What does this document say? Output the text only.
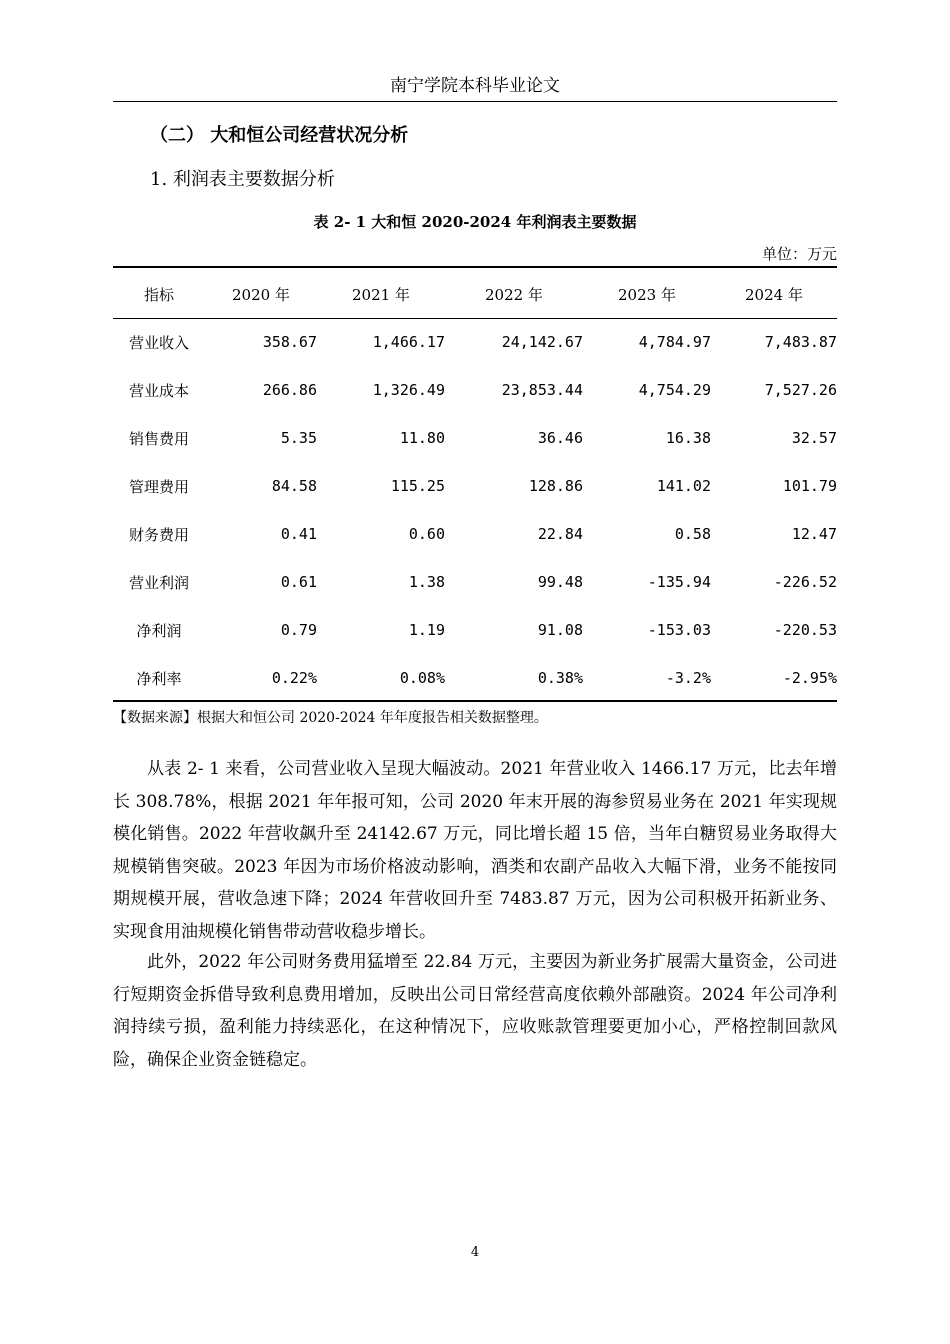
南宁学院本科毕业论文
（二） 大和恒公司经营状况分析
1. 利润表主要数据分析
表 2- 1 大和恒 2020-2024 年利润表主要数据
单位：万元
指标	2020 年	2021 年	2022 年	2023 年	2024 年
营业收入	358.67	1,466.17	24,142.67	4,784.97	7,483.87
营业成本	266.86	1,326.49	23,853.44	4,754.29	7,527.26
销售费用	5.35	11.80	36.46	16.38	32.57
管理费用	84.58	115.25	128.86	141.02	101.79
财务费用	0.41	0.60	22.84	0.58	12.47
营业利润	0.61	1.38	99.48	-135.94	-226.52
净利润	0.79	1.19	91.08	-153.03	-220.53
净利率	0.22%	0.08%	0.38%	-3.2%	-2.95%
【数据来源】根据大和恒公司 2020-2024 年年度报告相关数据整理。

从表 2- 1 来看，公司营业收入呈现大幅波动。2021 年营业收入 1466.17 万元，比去年增长 308.78%，根据 2021 年年报可知，公司 2020 年末开展的海参贸易业务在 2021 年实现规模化销售。2022 年营收飙升至 24142.67 万元，同比增长超 15 倍，当年白糖贸易业务取得大规模销售突破。2023 年因为市场价格波动影响，酒类和农副产品收入大幅下滑，业务不能按同期规模开展，营收急速下降；2024 年营收回升至 7483.87 万元，因为公司积极开拓新业务、实现食用油规模化销售带动营收稳步增长。

此外，2022 年公司财务费用猛增至 22.84 万元，主要因为新业务扩展需大量资金，公司进行短期资金拆借导致利息费用增加，反映出公司日常经营高度依赖外部融资。2024 年公司净利润持续亏损，盈利能力持续恶化，在这种情况下，应收账款管理要更加小心，严格控制回款风险，确保企业资金链稳定。

4
